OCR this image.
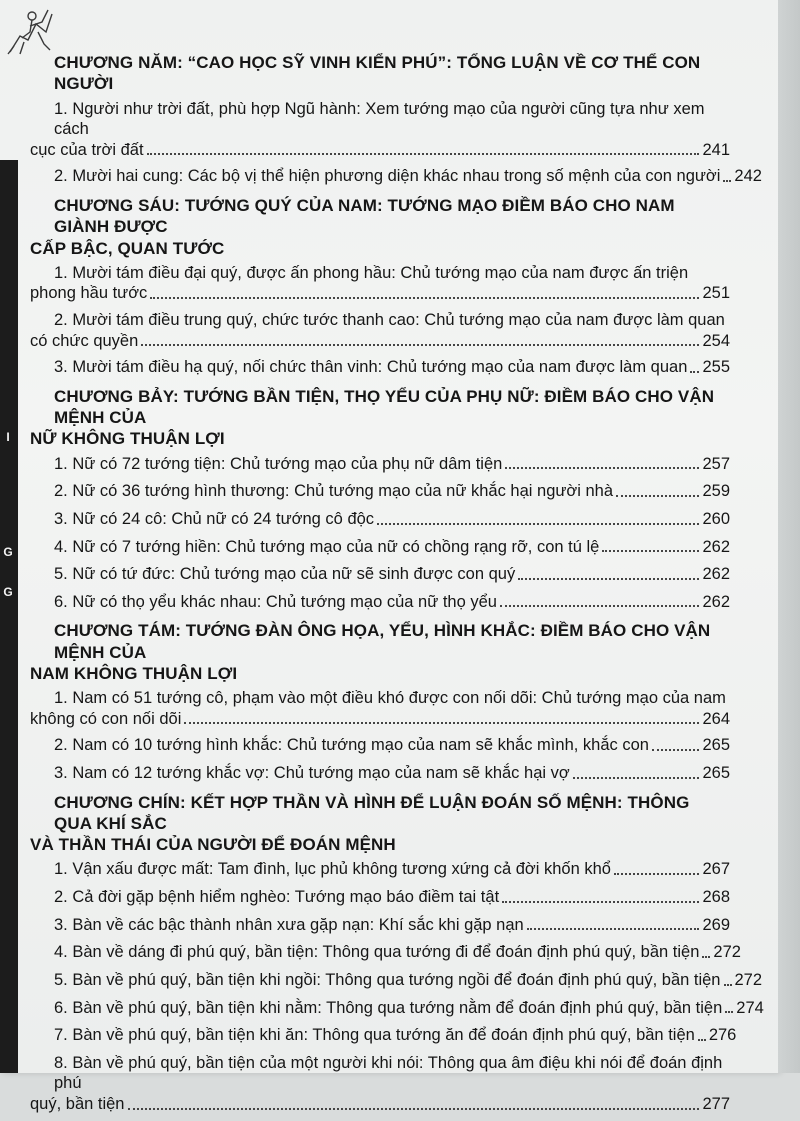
I
G
G
CHƯƠNG NĂM: “CAO HỌC SỸ VINH KIỂN PHÚ”: TỔNG LUẬN VỀ CƠ THỂ CON NGƯỜI
1. Người như trời đất, phù hợp Ngũ hành: Xem tướng mạo của người cũng tựa như xem cách
cục của trời đất	241
2. Mười hai cung: Các bộ vị thể hiện phương diện khác nhau trong số mệnh của con người 242
CHƯƠNG SÁU: TƯỚNG QUÝ CỦA NAM: TƯỚNG MẠO ĐIỀM BÁO CHO NAM GIÀNH ĐƯỢC
CẤP BẬC, QUAN TƯỚC
1. Mười tám điều đại quý, được ấn phong hầu: Chủ tướng mạo của nam được ấn triện
phong hầu tước	251
2. Mười tám điều trung quý, chức tước thanh cao: Chủ tướng mạo của nam được làm quan
có chức quyền	254
3. Mười tám điều hạ quý, nối chức thân vinh: Chủ tướng mạo của nam được làm quan 255
CHƯƠNG BẢY: TƯỚNG BẦN TIỆN, THỌ YỂU CỦA PHỤ NỮ: ĐIỀM BÁO CHO VẬN MỆNH CỦA
NỮ KHÔNG THUẬN LỢI
1. Nữ có 72 tướng tiện: Chủ tướng mạo của phụ nữ dâm tiện	257
2. Nữ có 36 tướng hình thương: Chủ tướng mạo của nữ khắc hại người nhà	259
3. Nữ có 24 cô: Chủ nữ có 24 tướng cô độc	260
4. Nữ có 7 tướng hiền: Chủ tướng mạo của nữ có chồng rạng rỡ, con tú lệ	262
5. Nữ có tứ đức: Chủ tướng mạo của nữ sẽ sinh được con quý	262
6. Nữ có thọ yểu khác nhau: Chủ tướng mạo của nữ thọ yểu	262
CHƯƠNG TÁM: TƯỚNG ĐÀN ÔNG HỌA, YỂU, HÌNH KHẮC: ĐIỀM BÁO CHO VẬN MỆNH CỦA
NAM KHÔNG THUẬN LỢI
1. Nam có 51 tướng cô, phạm vào một điều khó được con nối dõi: Chủ tướng mạo của nam
không có con nối dõi	264
2. Nam có 10 tướng hình khắc: Chủ tướng mạo của nam sẽ khắc mình, khắc con	265
3. Nam có 12 tướng khắc vợ: Chủ tướng mạo của nam sẽ khắc hại vợ	265
CHƯƠNG CHÍN: KẾT HỢP THẦN VÀ HÌNH ĐỂ LUẬN ĐOÁN SỐ MỆNH: THÔNG QUA KHÍ SẮC
VÀ THẦN THÁI CỦA NGƯỜI ĐỂ ĐOÁN MỆNH
1. Vận xấu được mất: Tam đình, lục phủ không tương xứng cả đời khốn khổ	267
2. Cả đời gặp bệnh hiểm nghèo: Tướng mạo báo điềm tai tật	268
3. Bàn về các bậc thành nhân xưa gặp nạn: Khí sắc khi gặp nạn	269
4. Bàn về dáng đi phú quý, bần tiện: Thông qua tướng đi để đoán định phú quý, bần tiện 272
5. Bàn về phú quý, bần tiện khi ngồi: Thông qua tướng ngồi để đoán định phú quý, bần tiện 272
6. Bàn về phú quý, bần tiện khi nằm: Thông qua tướng nằm để đoán định phú quý, bần tiện 274
7. Bàn về phú quý, bần tiện khi ăn: Thông qua tướng ăn để đoán định phú quý, bần tiện 276
8. Bàn về phú quý, bần tiện của một người khi nói: Thông qua âm điệu khi nói để đoán định phú
quý, bần tiện	277
